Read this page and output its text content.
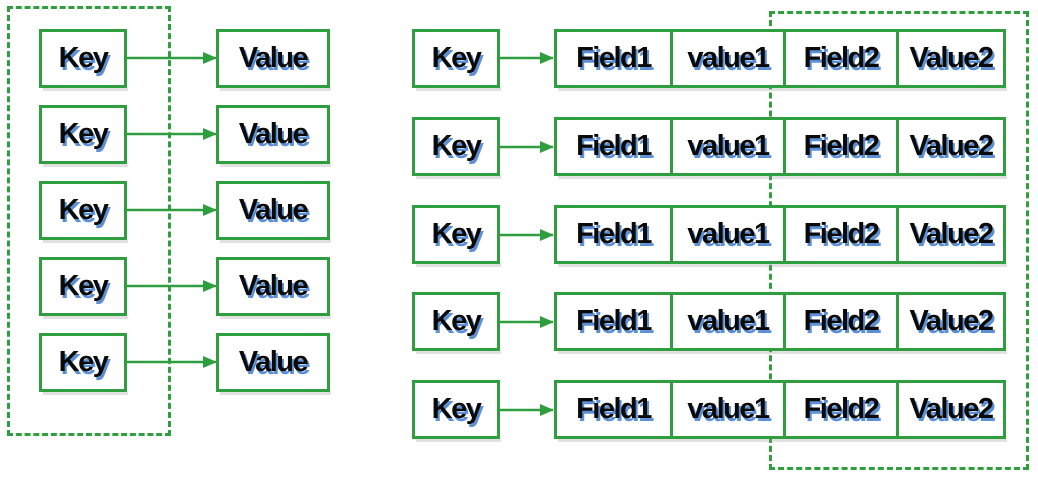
Key	Value
Key	Value
Key	Value
Key	Value
Key	Value
Key	Field1	value1	Field2	Value2
Key	Field1	value1	Field2	Value2
Key	Field1	value1	Field2	Value2
Key	Field1	value1	Field2	Value2
Key	Field1	value1	Field2	Value2
